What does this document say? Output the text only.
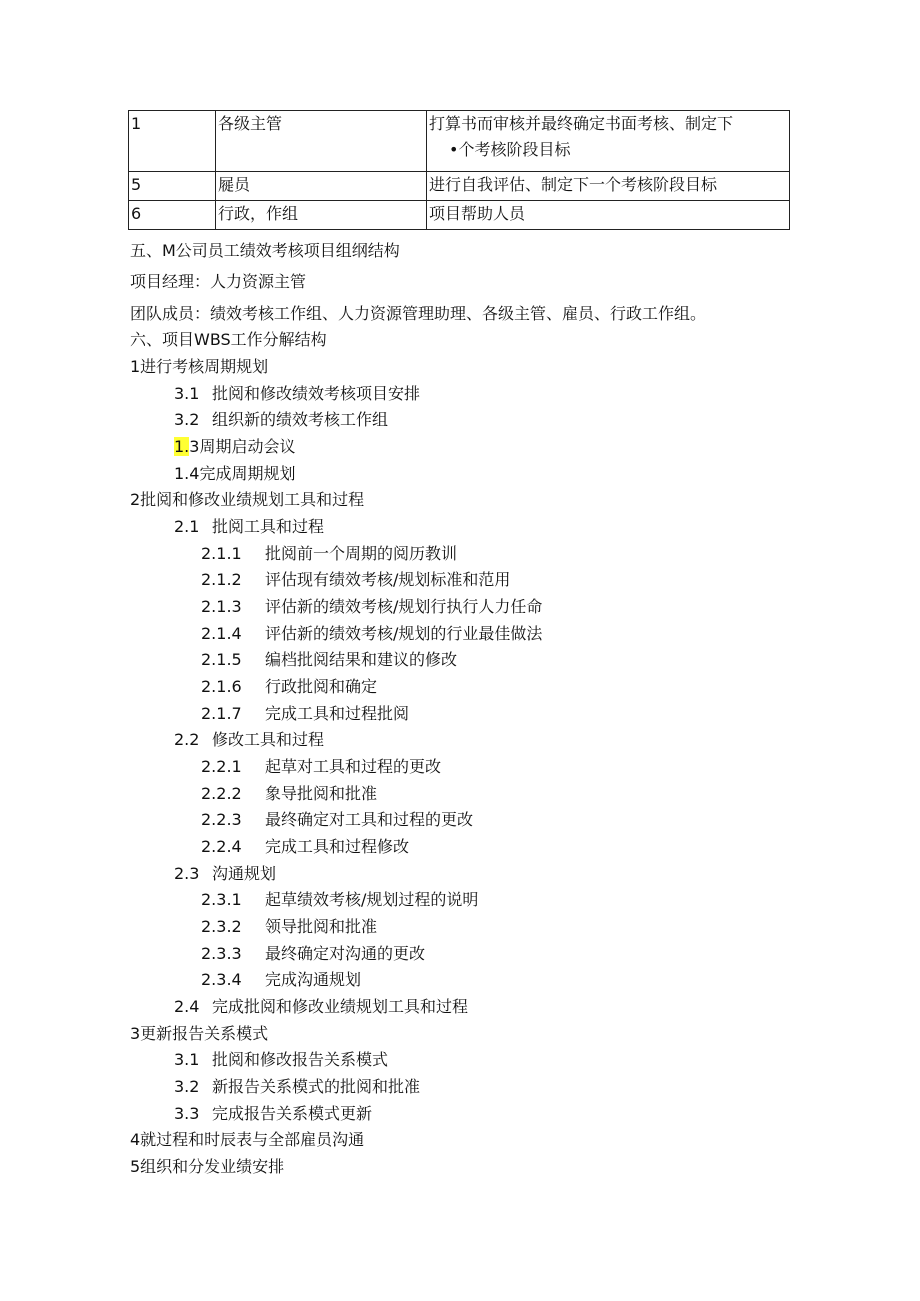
1	各级主管	打算书而审核并最终确定书面考核、制定下
•个考核阶段目标

5	屣员	进行自我评估、制定下一个考核阶段目标
6	行政，作组	项目帮助人员
五、M公司员工绩效考核项目组纲结构
项目经理：人力资源主管
团队成员：绩效考核工作组、人力资源管理助理、各级主管、雇员、行政工作组。
六、项目WBS工作分解结构
1进行考核周期规划
3.1 批阅和修改绩效考核项目安排
3.2 组织新的绩效考核工作组
1.3周期启动会议
1.4完成周期规划
2批阅和修改业绩规划工具和过程
2.1 批阅工具和过程
2.1.1 批阅前一个周期的阅历教训
2.1.2 评估现有绩效考核/规划标准和范用
2.1.3 评估新的绩效考核/规划行执行人力任命
2.1.4 评估新的绩效考核/规划的行业最佳做法
2.1.5 编档批阅结果和建议的修改
2.1.6 行政批阅和确定
2.1.7 完成工具和过程批阅
2.2 修改工具和过程
2.2.1 起草对工具和过程的更改
2.2.2 象导批阅和批准
2.2.3 最终确定对工具和过程的更改
2.2.4 完成工具和过程修改
2.3 沟通规划
2.3.1 起草绩效考核/规划过程的说明
2.3.2 领导批阅和批准
2.3.3 最终确定对沟通的更改
2.3.4 完成沟通规划
2.4 完成批阅和修改业绩规划工具和过程
3更新报告关系模式
3.1 批阅和修改报告关系模式
3.2 新报告关系模式的批阅和批准
3.3 完成报告关系模式更新
4就过程和时辰表与全部雇员沟通
5组织和分发业绩安排
